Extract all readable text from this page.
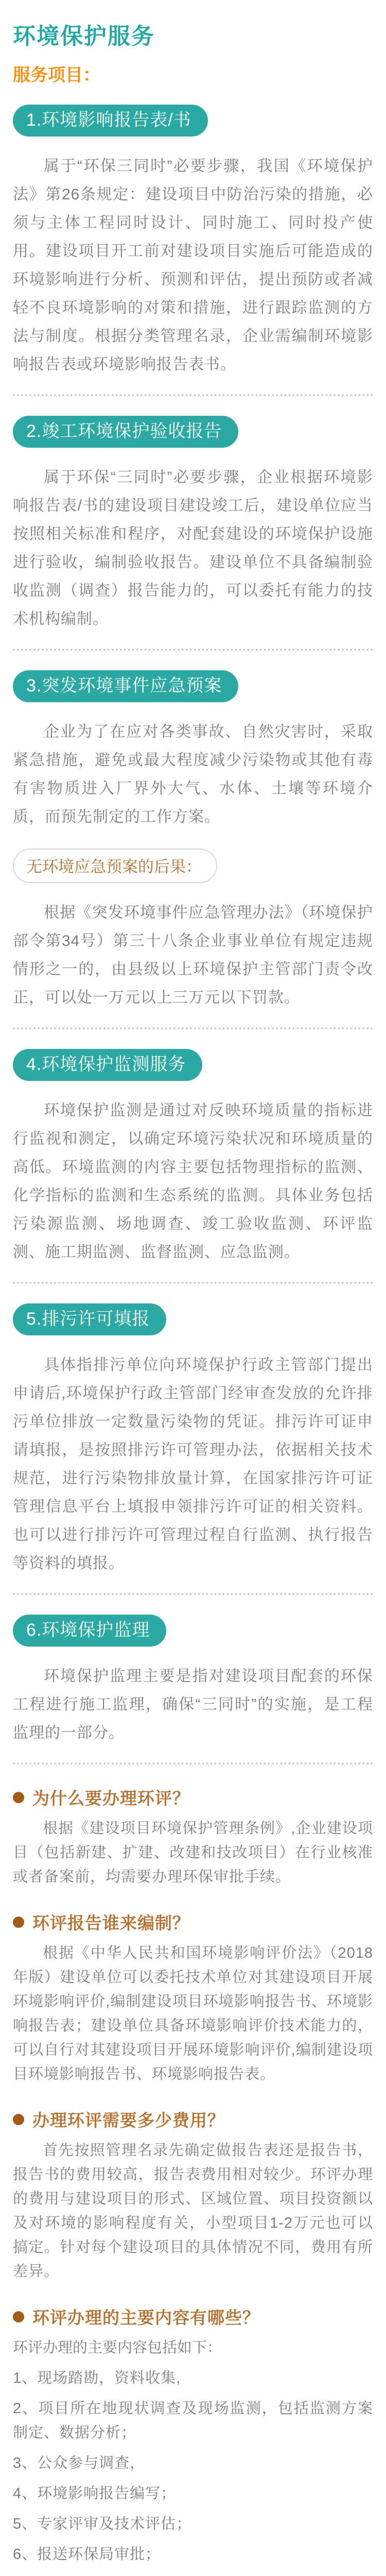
环境保护服务
服务项目：
1.环境影响报告表/书

属于“环保三同时”必要步骤，我国《环境保护法》第26条规定：建设项目中防治污染的措施，必须与主体工程同时设计、同时施工、同时投产使用。建设项目开工前对建设项目实施后可能造成的环境影响进行分析、预测和评估，提出预防或者减轻不良环境影响的对策和措施，进行跟踪监测的方法与制度。根据分类管理名录，企业需编制环境影响报告表或环境影响报告表书。

2.竣工环境保护验收报告

属于环保“三同时”必要步骤，企业根据环境影响报告表/书的建设项目建设竣工后，建设单位应当按照相关标准和程序，对配套建设的环境保护设施进行验收，编制验收报告。建设单位不具备编制验收监测（调查）报告能力的，可以委托有能力的技术机构编制。

3.突发环境事件应急预案

企业为了在应对各类事故、自然灾害时，采取紧急措施，避免或最大程度减少污染物或其他有毒有害物质进入厂界外大气、水体、土壤等环境介质，而预先制定的工作方案。

无环境应急预案的后果：

根据《突发环境事件应急管理办法》（环境保护部令第34号）第三十八条企业事业单位有规定违规情形之一的，由县级以上环境保护主管部门责令改正，可以处一万元以上三万元以下罚款。

4.环境保护监测服务

环境保护监测是通过对反映环境质量的指标进行监视和测定，以确定环境污染状况和环境质量的高低。环境监测的内容主要包括物理指标的监测、化学指标的监测和生态系统的监测。具体业务包括污染源监测、场地调查、竣工验收监测、环评监测、施工期监测、监督监测、应急监测。

5.排污许可填报

具体指排污单位向环境保护行政主管部门提出申请后,环境保护行政主管部门经审查发放的允许排污单位排放一定数量污染物的凭证。排污许可证申请填报，是按照排污许可管理办法，依据相关技术规范，进行污染物排放量计算，在国家排污许可证管理信息平台上填报申领排污许可证的相关资料。也可以进行排污许可管理过程自行监测、执行报告等资料的填报。

6.环境保护监理

环境保护监理主要是指对建设项目配套的环保工程进行施工监理，确保“三同时”的实施，是工程监理的一部分。

为什么要办理环评？

根据《建设项目环境保护管理条例》,企业建设项目（包括新建、扩建、改建和技改项目）在行业核准或者备案前，均需要办理环保审批手续。

环评报告谁来编制？

根据《中华人民共和国环境影响评价法》（2018年版）建设单位可以委托技术单位对其建设项目开展环境影响评价,编制建设项目环境影响报告书、环境影响报告表；建设单位具备环境影响评价技术能力的，可以自行对其建设项目开展环境影响评价,编制建设项目环境影响报告书、环境影响报告表。

办理环评需要多少费用？

首先按照管理名录先确定做报告表还是报告书，报告书的费用较高，报告表费用相对较少。环评办理的费用与建设项目的形式、区域位置、项目投资额以及对环境的影响程度有关，小型项目1-2万元也可以搞定。针对每个建设项目的具体情况不同，费用有所差异。

环评办理的主要内容有哪些？

环评办理的主要内容包括如下：

1、现场踏勘，资料收集,

2、项目所在地现状调查及现场监测，包括监测方案制定、数据分析；

3、公众参与调查，

4、环境影响报告编写；

5、专家评审及技术评估；

6、报送环保局审批；
